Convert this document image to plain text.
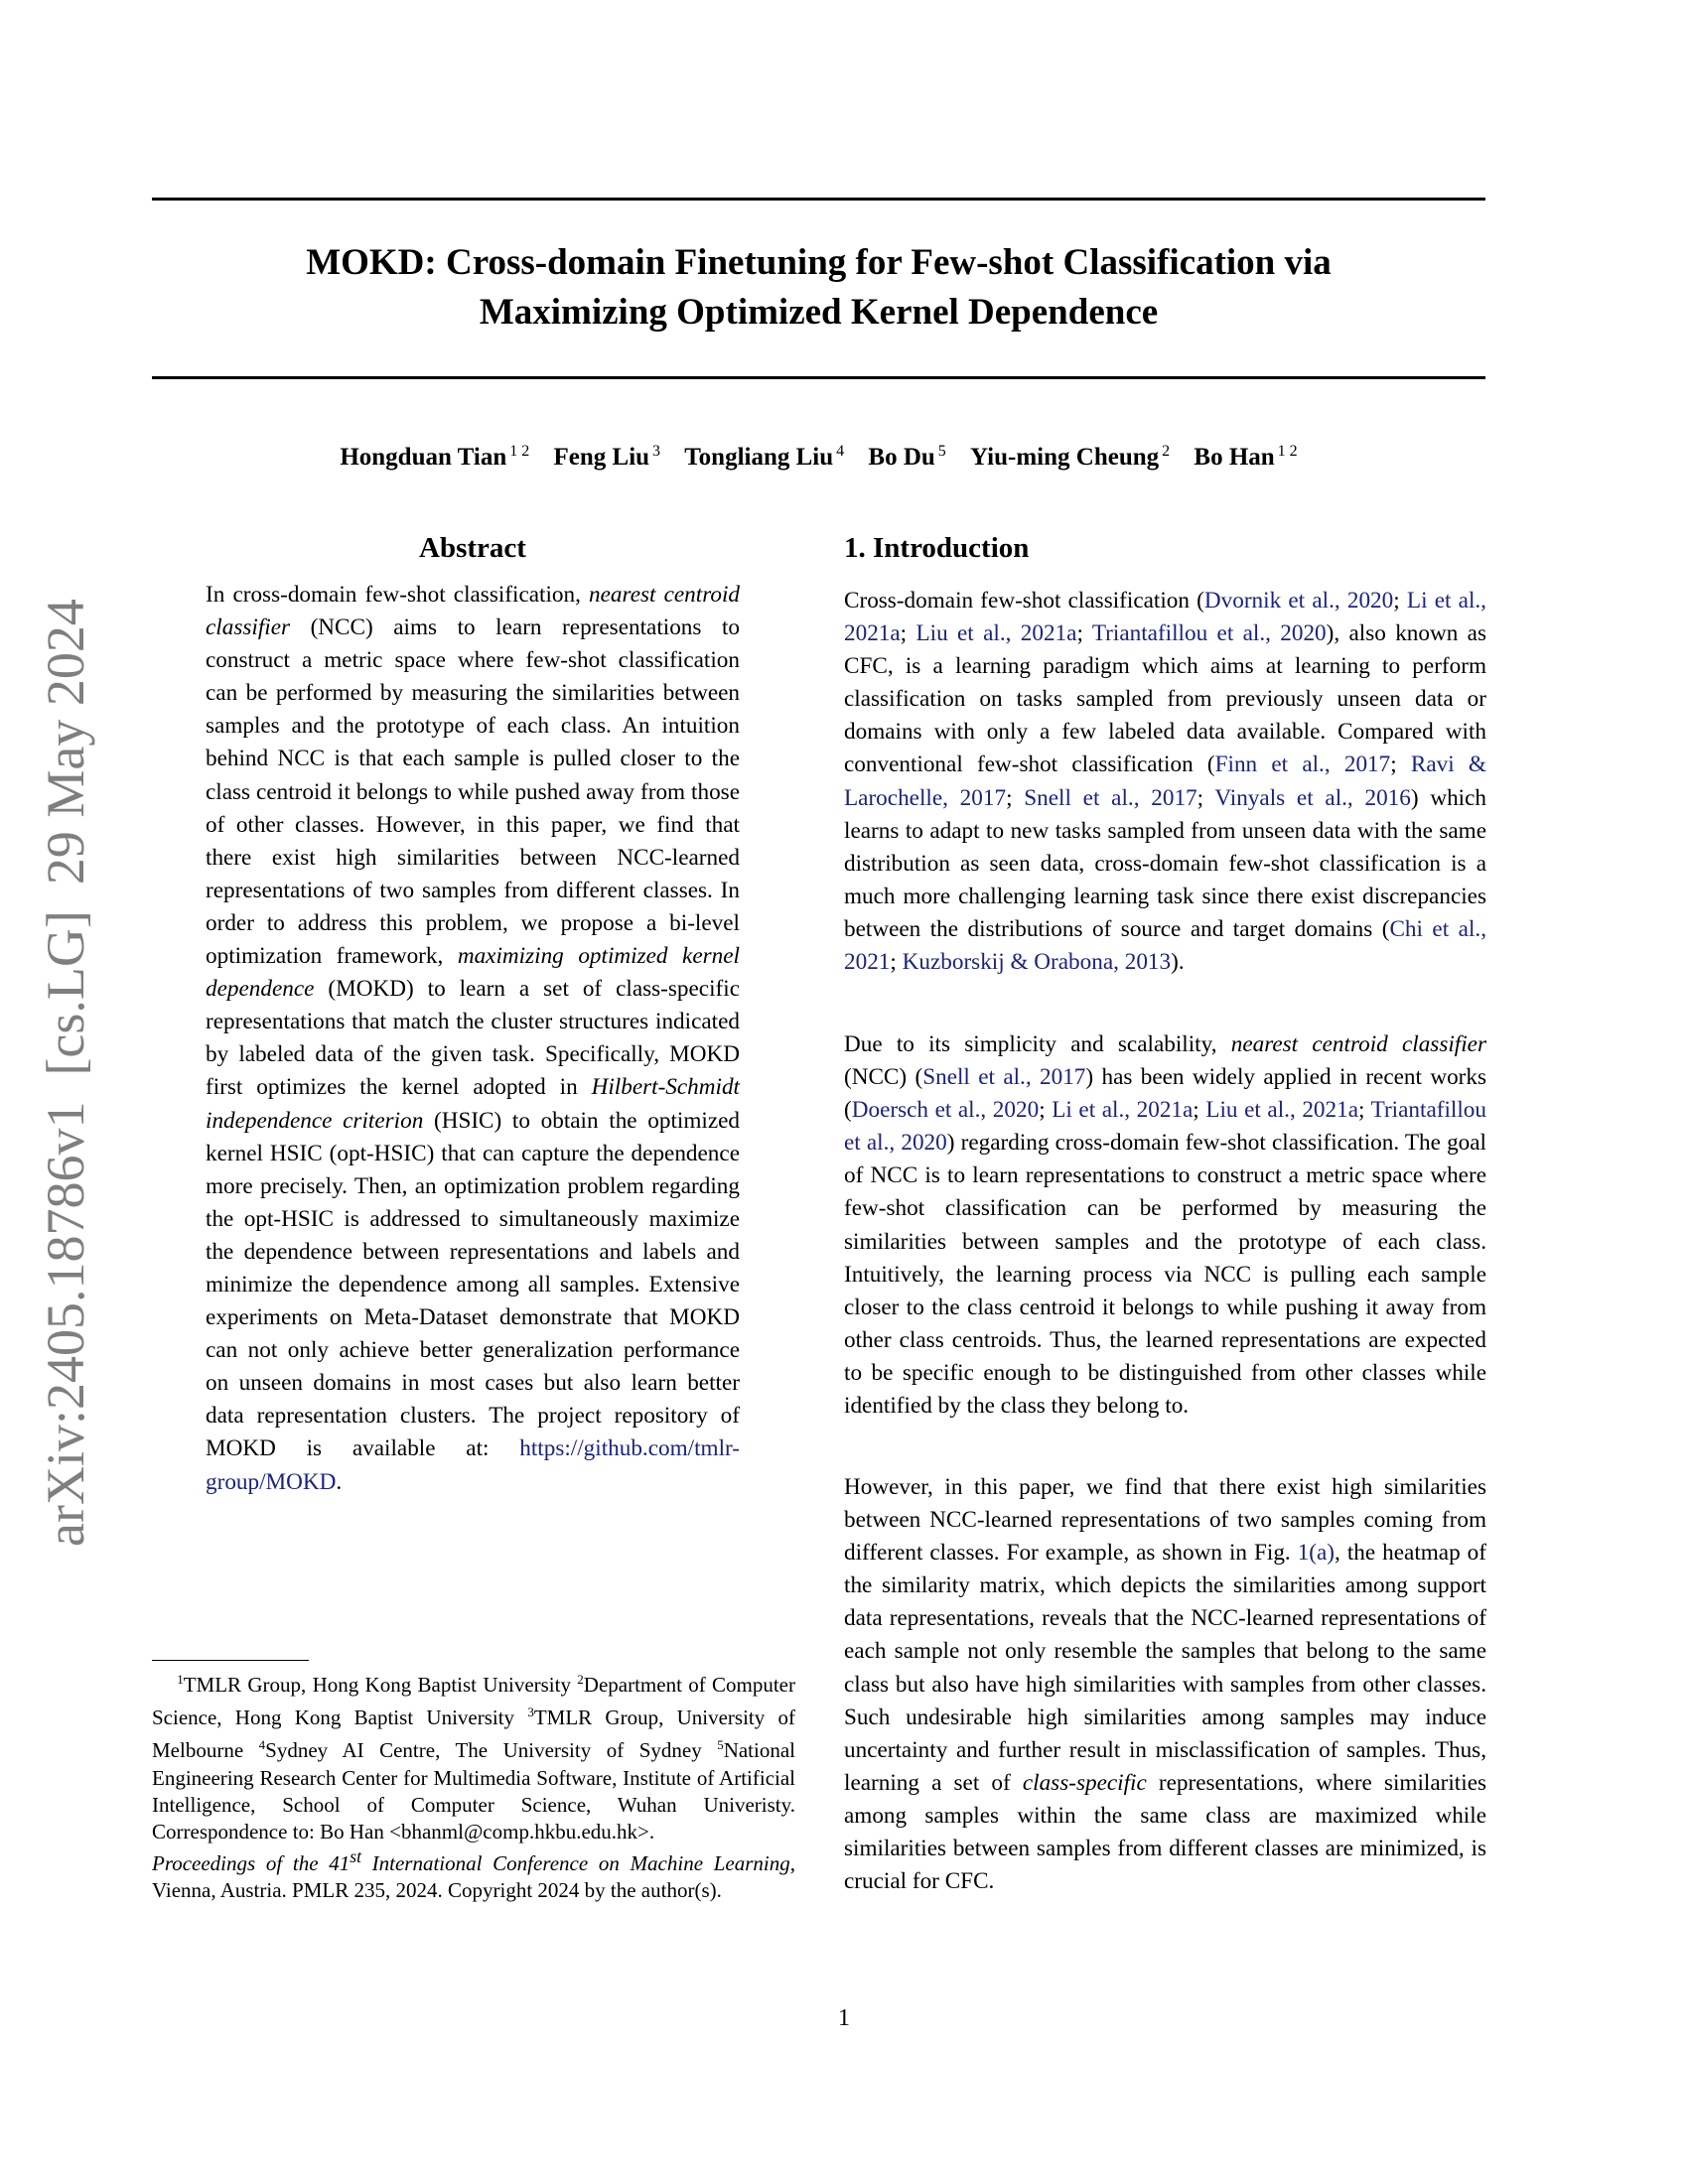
arXiv:2405.18786v1[cs.LG]29 May 2024
MOKD: Cross-domain Finetuning for Few-shot Classification via
Maximizing Optimized Kernel Dependence
Hongduan Tian $^{1 2}$ Feng Liu $^3$ Tongliang Liu $^4$ Bo Du $^5$ Yiu-ming Cheung $^2$ Bo Han $^{1 2}$
Abstract

In cross-domain few-shot classification, nearest centroid classifier (NCC) aims to learn representations to construct a metric space where few-shot classification can be performed by measuring the similarities between samples and the prototype of each class. An intuition behind NCC is that each sample is pulled closer to the class centroid it belongs to while pushed away from those of other classes. However, in this paper, we find that there exist high similarities between NCC-learned representations of two samples from different classes. In order to address this problem, we propose a bi-level optimization framework, maximizing optimized kernel dependence (MOKD) to learn a set of class-specific representations that match the cluster structures indicated by labeled data of the given task. Specifically, MOKD first optimizes the kernel adopted in Hilbert-Schmidt independence criterion (HSIC) to obtain the optimized kernel HSIC (opt-HSIC) that can capture the dependence more precisely. Then, an optimization problem regarding the opt-HSIC is addressed to simultaneously maximize the dependence between representations and labels and minimize the dependence among all samples. Extensive experiments on Meta-Dataset demonstrate that MOKD can not only achieve better generalization performance on unseen domains in most cases but also learn better data representation clusters. The project repository of MOKD is available at: https://github.com/tmlr-group/MOKD.

1. Introduction

Cross-domain few-shot classification (Dvornik et al., 2020; Li et al., 2021a; Liu et al., 2021a; Triantafillou et al., 2020), also known as CFC, is a learning paradigm which aims at learning to perform classification on tasks sampled from previously unseen data or domains with only a few labeled data available. Compared with conventional few-shot classification (Finn et al., 2017; Ravi & Larochelle, 2017; Snell et al., 2017; Vinyals et al., 2016) which learns to adapt to new tasks sampled from unseen data with the same distribution as seen data, cross-domain few-shot classification is a much more challenging learning task since there exist discrepancies between the distributions of source and target domains (Chi et al., 2021; Kuzborskij & Orabona, 2013).

Due to its simplicity and scalability, nearest centroid classifier (NCC) (Snell et al., 2017) has been widely applied in recent works (Doersch et al., 2020; Li et al., 2021a; Liu et al., 2021a; Triantafillou et al., 2020) regarding cross-domain few-shot classification. The goal of NCC is to learn representations to construct a metric space where few-shot classification can be performed by measuring the similarities between samples and the prototype of each class. Intuitively, the learning process via NCC is pulling each sample closer to the class centroid it belongs to while pushing it away from other class centroids. Thus, the learned representations are expected to be specific enough to be distinguished from other classes while identified by the class they belong to.

However, in this paper, we find that there exist high similarities between NCC-learned representations of two samples coming from different classes. For example, as shown in Fig. 1(a), the heatmap of the similarity matrix, which depicts the similarities among support data representations, reveals that the NCC-learned representations of each sample not only resemble the samples that belong to the same class but also have high similarities with samples from other classes. Such undesirable high similarities among samples may induce uncertainty and further result in misclassification of samples. Thus, learning a set of class-specific representations, where similarities among samples within the same class are maximized while similarities between samples from different classes are minimized, is crucial for CFC.

$^1$TMLR Group, Hong Kong Baptist University $^2$Department of Computer Science, Hong Kong Baptist University $^3$TMLR Group, University of Melbourne $^4$Sydney AI Centre, The University of Sydney $^5$National Engineering Research Center for Multimedia Software, Institute of Artificial Intelligence, School of Computer Science, Wuhan Univeristy. Correspondence to: Bo Han <bhanml@comp.hkbu.edu.hk>.

Proceedings of the 41st International Conference on Machine Learning, Vienna, Austria. PMLR 235, 2024. Copyright 2024 by the author(s).

1
